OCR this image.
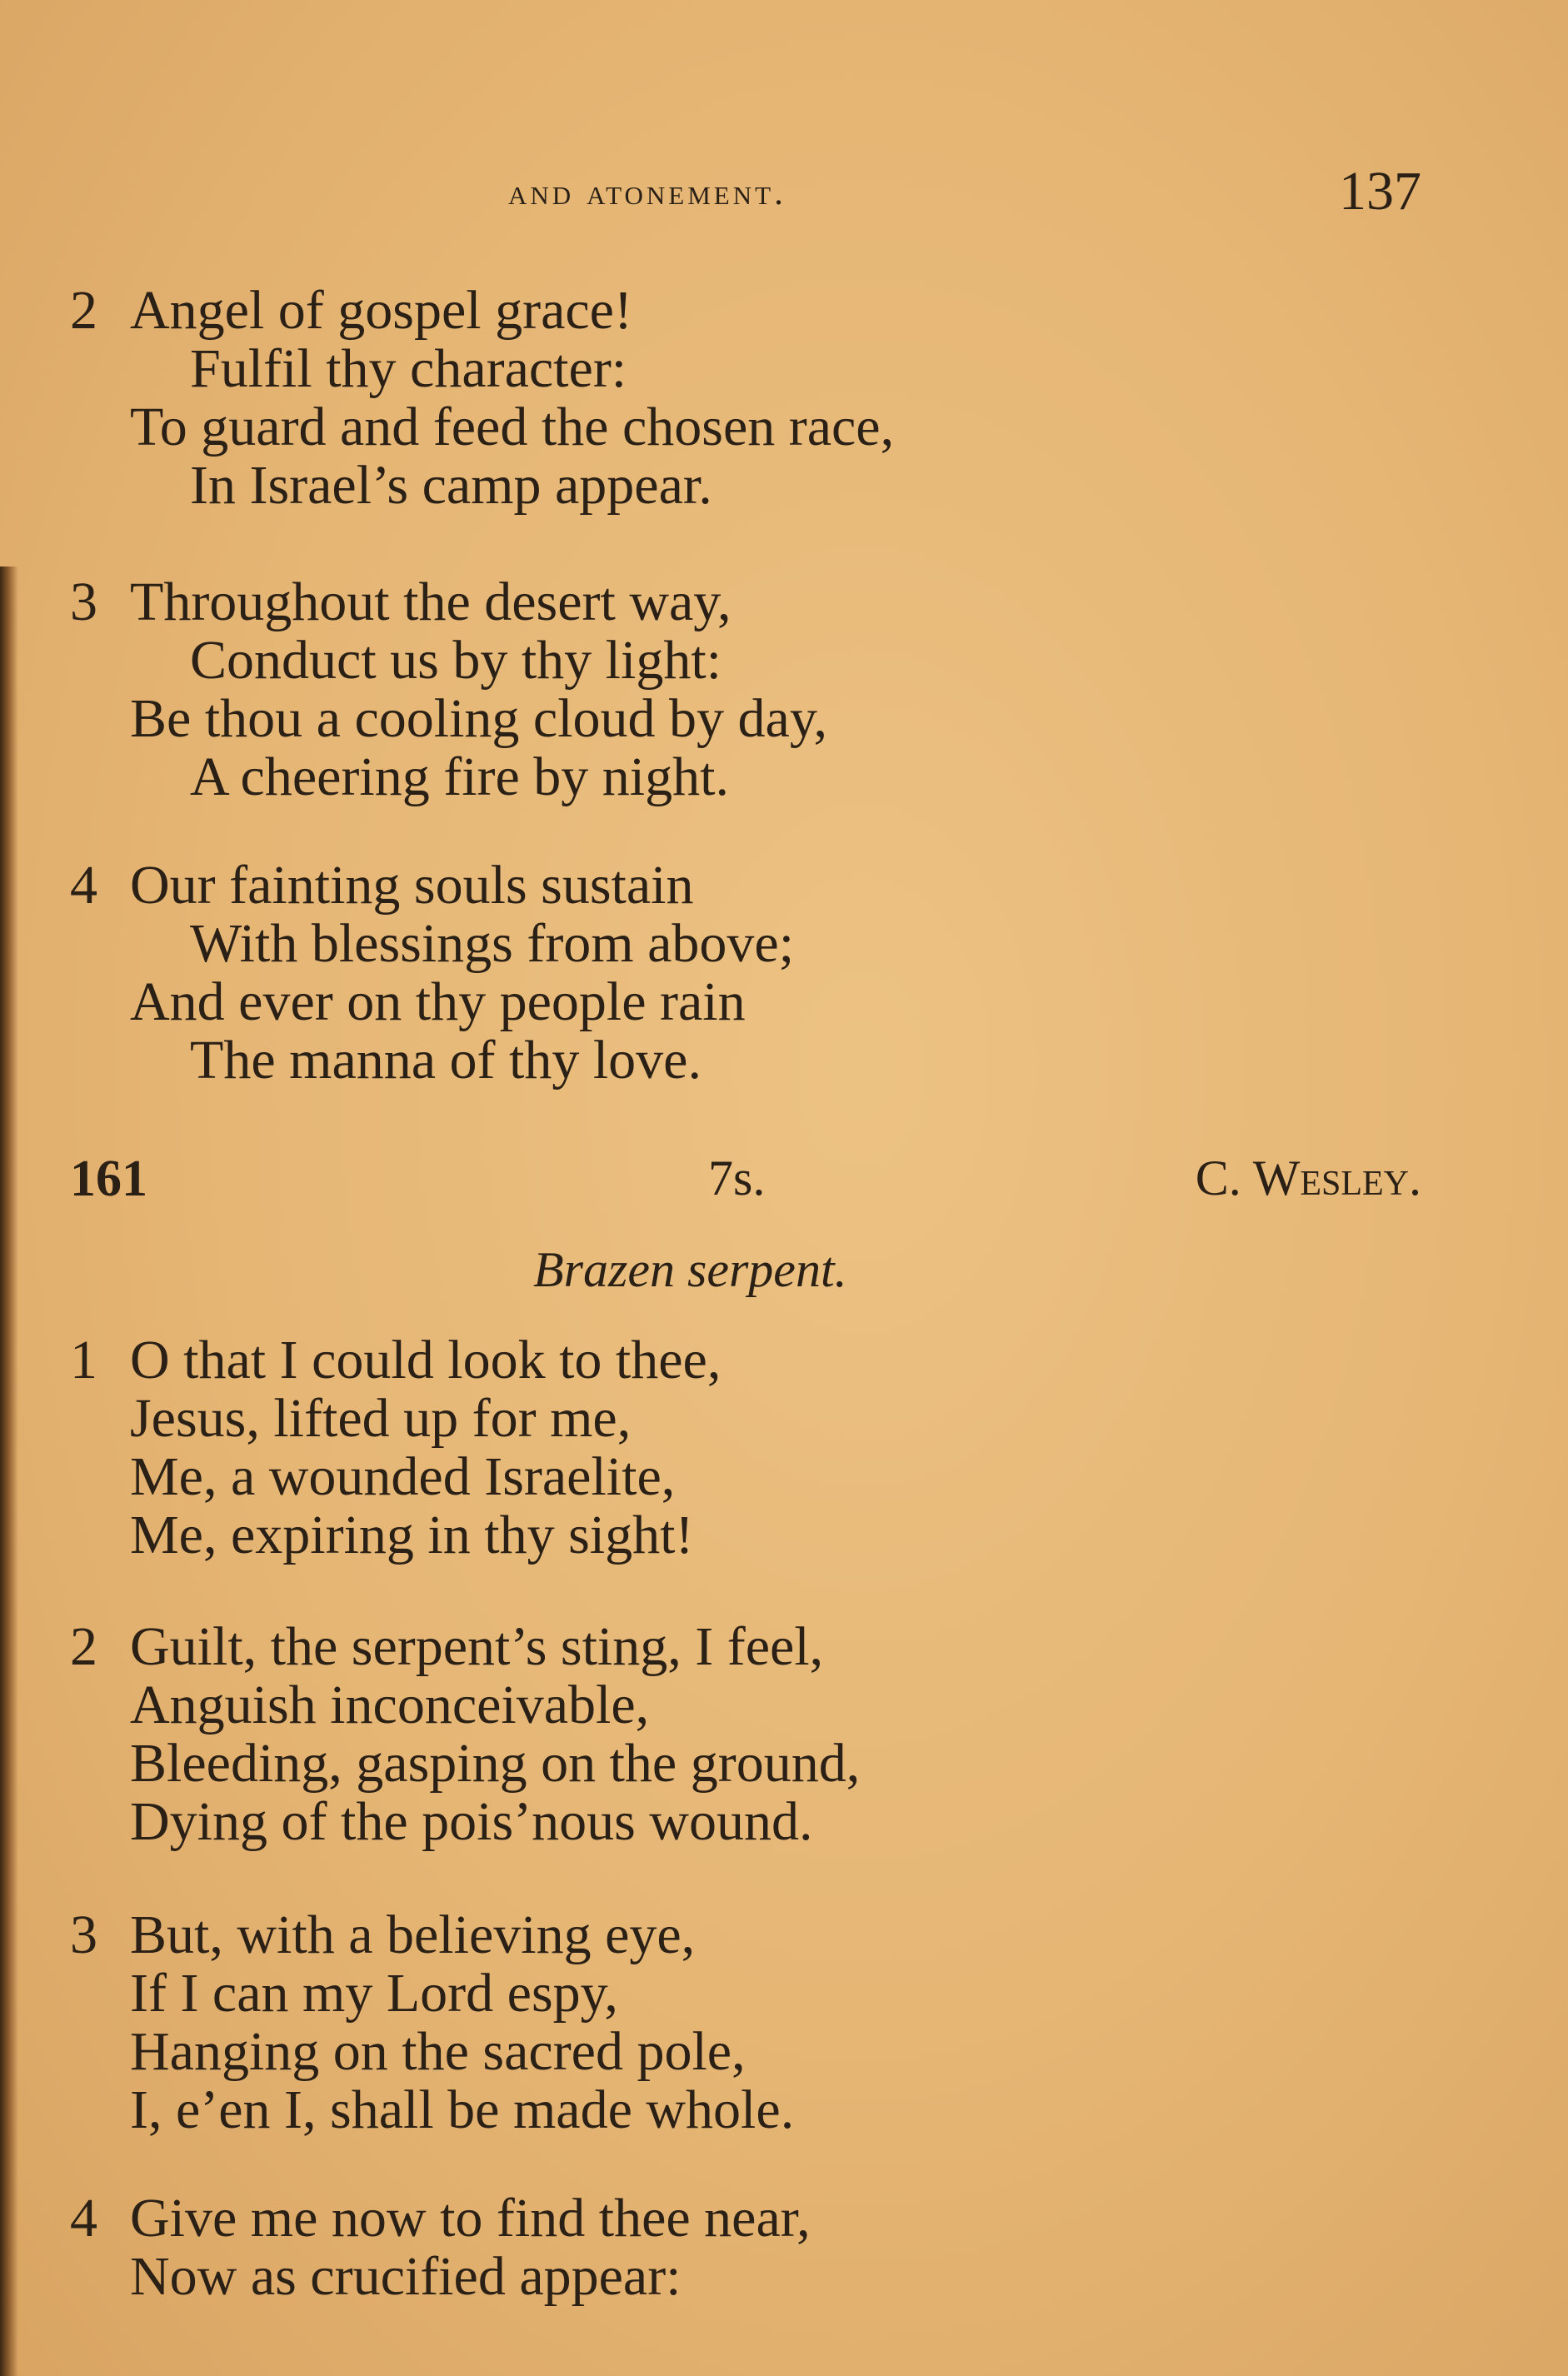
and atonement.	137
2 Angel of gospel grace!
Fulfil thy character:
To guard and feed the chosen race,
In Israel’s camp appear.
3 Throughout the desert way,
Conduct us by thy light:
Be thou a cooling cloud by day,
A cheering fire by night.
4 Our fainting souls sustain
With blessings from above;
And ever on thy people rain
The manna of thy love.
161	7s.	C. Wesley.
Brazen serpent.
1 O that I could look to thee,
Jesus, lifted up for me,
Me, a wounded Israelite,
Me, expiring in thy sight!
2 Guilt, the serpent’s sting, I feel,
Anguish inconceivable,
Bleeding, gasping on the ground,
Dying of the pois’nous wound.
3 But, with a believing eye,
If I can my Lord espy,
Hanging on the sacred pole,
I, e’en I, shall be made whole.
4 Give me now to find thee near,
Now as crucified appear:
